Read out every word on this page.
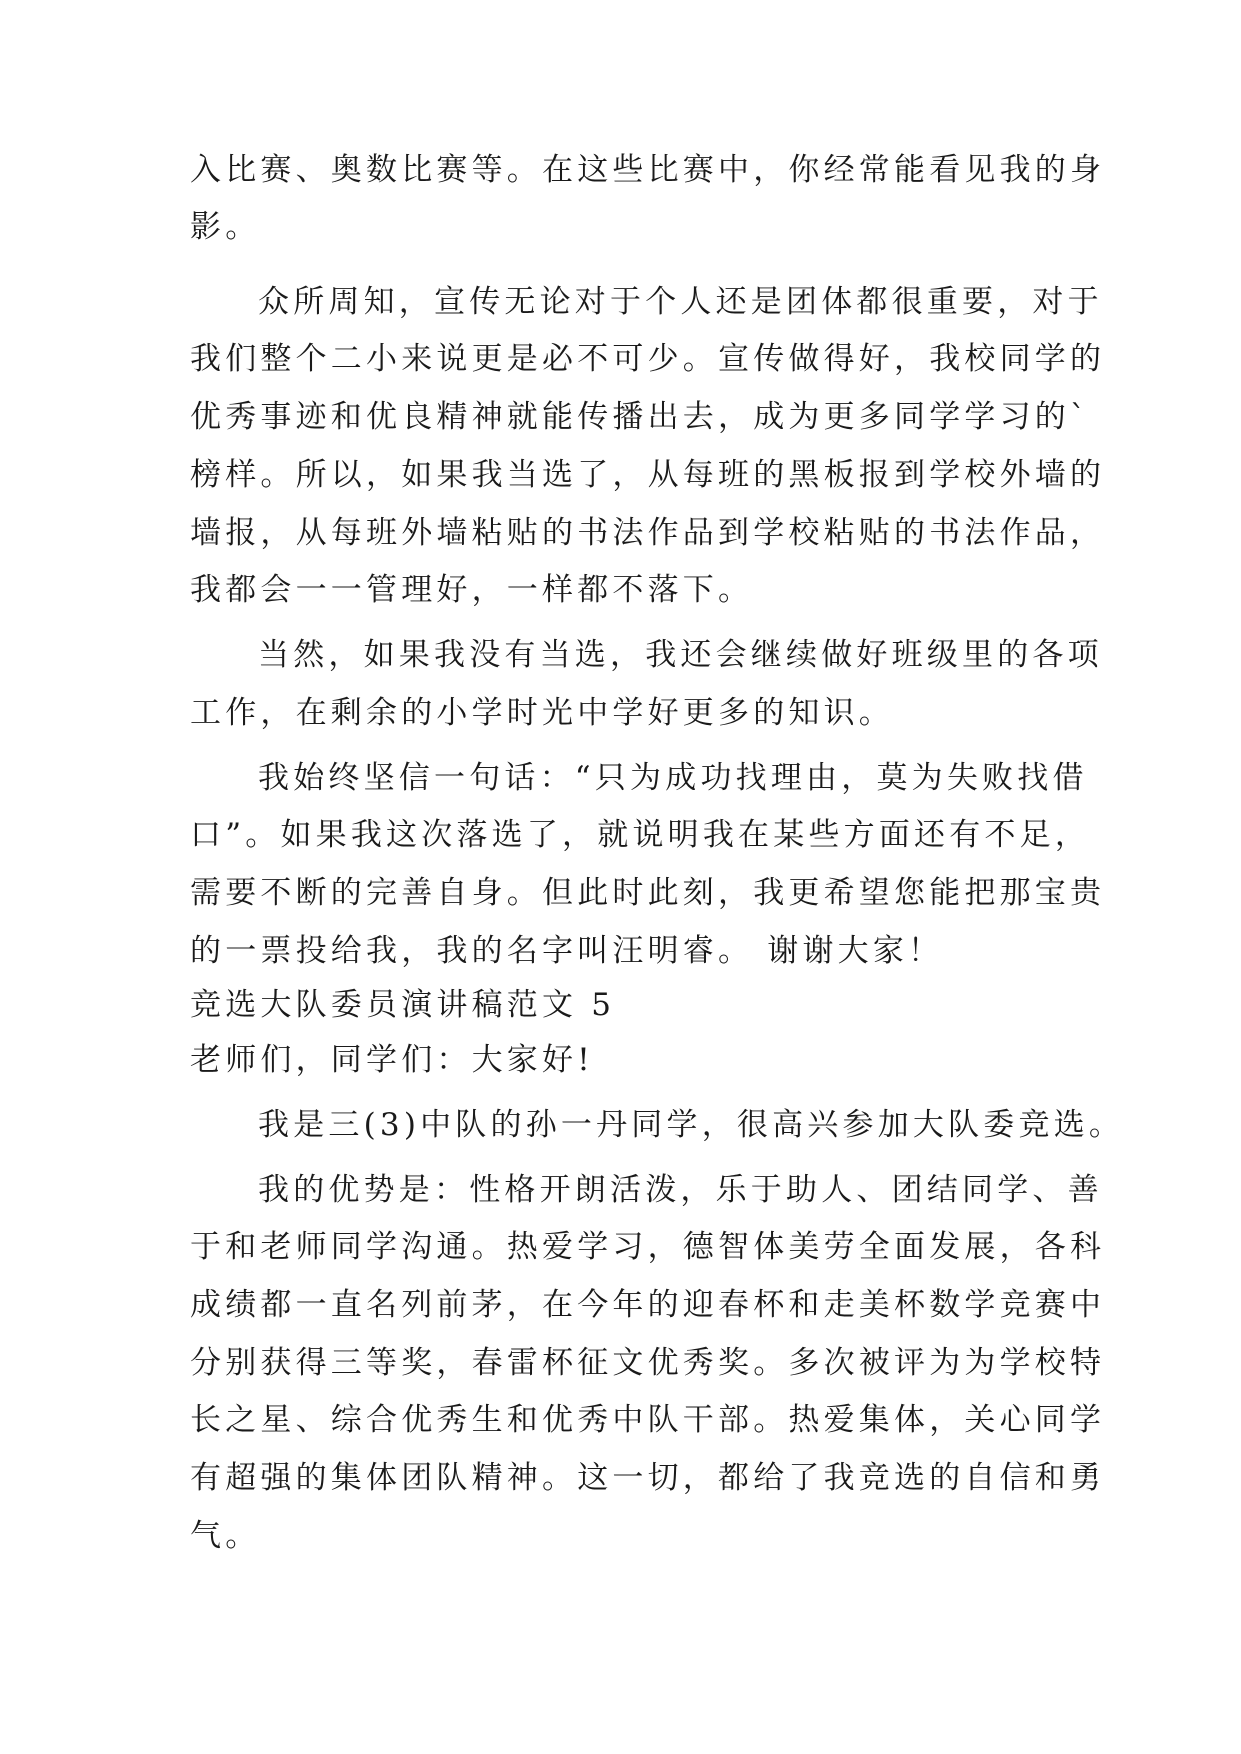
入比赛、奥数比赛等。在这些比赛中，你经常能看见我的身
影。
众所周知，宣传无论对于个人还是团体都很重要，对于
我们整个二小来说更是必不可少。宣传做得好，我校同学的
优秀事迹和优良精神就能传播出去，成为更多同学学习的`
榜样。所以，如果我当选了，从每班的黑板报到学校外墙的
墙报，从每班外墙粘贴的书法作品到学校粘贴的书法作品，
我都会一一管理好，一样都不落下。
当然，如果我没有当选，我还会继续做好班级里的各项
工作，在剩余的小学时光中学好更多的知识。
我始终坚信一句话：“只为成功找理由，莫为失败找借
口”。如果我这次落选了，就说明我在某些方面还有不足，
需要不断的完善自身。但此时此刻，我更希望您能把那宝贵
的一票投给我，我的名字叫汪明睿。 谢谢大家！
竞选大队委员演讲稿范文 5
老师们，同学们：大家好!
我是三(3)中队的孙一丹同学，很高兴参加大队委竞选。
我的优势是：性格开朗活泼，乐于助人、团结同学、善
于和老师同学沟通。热爱学习，德智体美劳全面发展，各科
成绩都一直名列前茅，在今年的迎春杯和走美杯数学竞赛中
分别获得三等奖，春雷杯征文优秀奖。多次被评为为学校特
长之星、综合优秀生和优秀中队干部。热爱集体，关心同学
有超强的集体团队精神。这一切，都给了我竞选的自信和勇
气。
